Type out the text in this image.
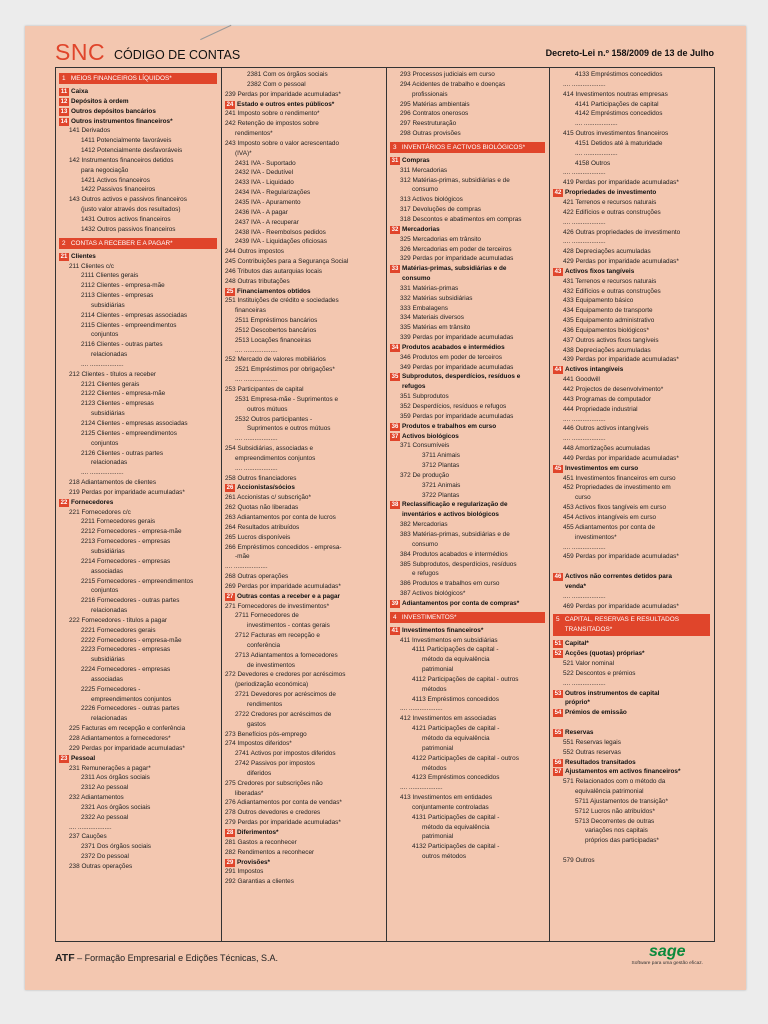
SNC CÓDIGO DE CONTAS	Decreto-Lei n.º 158/2009 de 13 de Julho
1   MEIOS FINANCEIROS LÍQUIDOS*
11 Caixa
12 Depósitos à ordem
13 Outros depósitos bancários
14 Outros instrumentos financeiros*
141 Derivados
1411 Potencialmente favoráveis
1412 Potencialmente desfavoráveis
142 Instrumentos financeiros detidos
para negociação
1421 Activos financeiros
1422 Passivos financeiros
143 Outros activos e passivos financeiros
(justo valor através dos resultados)
1431 Outros activos financeiros
1432 Outros passivos financeiros
2   CONTAS A RECEBER E A PAGAR*
21 Clientes
211 Clientes c/c
2111 Clientes gerais
2112 Clientes - empresa-mãe
2113 Clientes - empresas
subsidiárias
2114 Clientes - empresas associadas
2115 Clientes - empreendimentos
conjuntos
2116 Clientes - outras partes
relacionadas
.... ...................
212 Clientes - títulos a receber
2121 Clientes gerais
2122 Clientes - empresa-mãe
2123 Clientes - empresas
subsidiárias
2124 Clientes - empresas associadas
2125 Clientes - empreendimentos
conjuntos
2126 Clientes - outras partes
relacionadas
.... ...................
218 Adiantamentos de clientes
219 Perdas por imparidade acumuladas*
22 Fornecedores
221 Fornecedores c/c
2211 Fornecedores gerais
2212 Fornecedores - empresa-mãe
2213 Fornecedores - empresas
subsidiárias
2214 Fornecedores - empresas
associadas
2215 Fornecedores - empreendimentos
conjuntos
2216 Fornecedores - outras partes
relacionadas
222 Fornecedores - títulos a pagar
2221 Fornecedores gerais
2222 Fornecedores - empresa-mãe
2223 Fornecedores - empresas
subsidiárias
2224 Fornecedores - empresas
associadas
2225 Fornecedores -
empreendimentos conjuntos
2226 Fornecedores - outras partes
relacionadas
225 Facturas em recepção e conferência
228 Adiantamentos a fornecedores*
229 Perdas por imparidade acumuladas*
23 Pessoal
231 Remunerações a pagar*
2311 Aos órgãos sociais
2312 Ao pessoal
232 Adiantamentos
2321 Aos órgãos sociais
2322 Ao pessoal
.... ...................
237 Cauções
2371 Dos órgãos sociais
2372 Do pessoal
238 Outras operações
2381 Com os órgãos sociais
2382 Com o pessoal
239 Perdas por imparidade acumuladas*
24 Estado e outros entes públicos*
241 Imposto sobre o rendimento*
242 Retenção de impostos sobre
rendimentos*
243 Imposto sobre o valor acrescentado
(IVA)*
2431 IVA - Suportado
2432 IVA - Dedutível
2433 IVA - Liquidado
2434 IVA - Regularizações
2435 IVA - Apuramento
2436 IVA - A pagar
2437 IVA - A recuperar
2438 IVA - Reembolsos pedidos
2439 IVA - Liquidações oficiosas
244 Outros impostos
245 Contribuições para a Segurança Social
246 Tributos das autarquias locais
248 Outras tributações
25 Financiamentos obtidos
251 Instituições de crédito e sociedades
financeiras
2511 Empréstimos bancários
2512 Descobertos bancários
2513 Locações financeiras
.... ...................
252 Mercado de valores mobiliários
2521 Empréstimos por obrigações*
.... ...................
253 Participantes de capital
2531 Empresa-mãe - Suprimentos e
outros mútuos
2532 Outros participantes -
Suprimentos e outros mútuos
.... ...................
254 Subsidiárias, associadas e
empreendimentos conjuntos
.... ...................
258 Outros financiadores
26 Accionistas/sócios
261 Accionistas c/ subscrição*
262 Quotas não liberadas
263 Adiantamentos por conta de lucros
264 Resultados atribuídos
265 Lucros disponíveis
266 Empréstimos concedidos - empresa-
-mãe
.... ...................
268 Outras operações
269 Perdas por imparidade acumuladas*
27 Outras contas a receber e a pagar
271 Fornecedores de investimentos*
2711 Fornecedores de
investimentos - contas gerais
2712 Facturas em recepção e
conferência
2713 Adiantamentos a fornecedores
de investimentos
272 Devedores e credores por acréscimos
(periodização económica)
2721 Devedores por acréscimos de
rendimentos
2722 Credores por acréscimos de
gastos
273 Benefícios pós-emprego
274 Impostos diferidos*
2741 Activos por impostos diferidos
2742 Passivos por impostos
diferidos
275 Credores por subscrições não
liberadas*
276 Adiantamentos por conta de vendas*
278 Outros devedores e credores
279 Perdas por imparidade acumuladas*
28 Diferimentos*
281 Gastos a reconhecer
282 Rendimentos a reconhecer
29 Provisões*
291 Impostos
292 Garantias a clientes
293 Processos judiciais em curso
294 Acidentes de trabalho e doenças
profissionais
295 Matérias ambientais
296 Contratos onerosos
297 Reestruturação
298 Outras provisões
3   INVENTÁRIOS E ACTIVOS BIOLÓGICOS*
31 Compras
311 Mercadorias
312 Matérias-primas, subsidiárias e de
consumo
313 Activos biológicos
317 Devoluções de compras
318 Descontos e abatimentos em compras
32 Mercadorias
325 Mercadorias em trânsito
326 Mercadorias em poder de terceiros
329 Perdas por imparidade acumuladas
33 Matérias-primas, subsidiárias e de
consumo
331 Matérias-primas
332 Matérias subsidiárias
333 Embalagens
334 Materiais diversos
335 Matérias em trânsito
339 Perdas por imparidade acumuladas
34 Produtos acabados e intermédios
346 Produtos em poder de terceiros
349 Perdas por imparidade acumuladas
35 Subprodutos, desperdícios, resíduos e
refugos
351 Subprodutos
352 Desperdícios, resíduos e refugos
359 Perdas por imparidade acumuladas
36 Produtos e trabalhos em curso
37 Activos biológicos
371 Consumíveis
3711 Animais
3712 Plantas
372 De produção
3721 Animais
3722 Plantas
38 Reclassificação e regularização de
inventários e activos biológicos
382 Mercadorias
383 Matérias-primas, subsidiárias e de
consumo
384 Produtos acabados e intermédios
385 Subprodutos, desperdícios, resíduos
e refugos
386 Produtos e trabalhos em curso
387 Activos biológicos*
39 Adiantamentos por conta de compras*
4   INVESTIMENTOS*
41 Investimentos financeiros*
411 Investimentos em subsidiárias
4111 Participações de capital -
método da equivalência
patrimonial
4112 Participações de capital - outros
métodos
4113 Empréstimos concedidos
.... ...................
412 Investimentos em associadas
4121 Participações de capital -
método da equivalência
patrimonial
4122 Participações de capital - outros
métodos
4123 Empréstimos concedidos
.... ...................
413 Investimentos em entidades
conjuntamente controladas
4131 Participações de capital -
método da equivalência
patrimonial
4132 Participações de capital -
outros métodos
4133 Empréstimos concedidos
.... ...................
414 Investimentos noutras empresas
4141 Participações de capital
4142 Empréstimos concedidos
.... ...................
415 Outros investimentos financeiros
4151 Detidos até à maturidade
.... ...................
4158 Outros
.... ...................
419 Perdas por imparidade acumuladas*
42 Propriedades de investimento
421 Terrenos e recursos naturais
422 Edifícios e outras construções
.... ...................
426 Outras propriedades de investimento
.... ...................
428 Depreciações acumuladas
429 Perdas por imparidade acumuladas*
43 Activos fixos tangíveis
431 Terrenos e recursos naturais
432 Edifícios e outras construções
433 Equipamento básico
434 Equipamento de transporte
435 Equipamento administrativo
436 Equipamentos biológicos*
437 Outros activos fixos tangíveis
438 Depreciações acumuladas
439 Perdas por imparidade acumuladas*
44 Activos intangíveis
441 Goodwill
442 Projectos de desenvolvimento*
443 Programas de computador
444 Propriedade industrial
.... ...................
446 Outros activos intangíveis
.... ...................
448 Amortizações acumuladas
449 Perdas por imparidade acumuladas*
45 Investimentos em curso
451 Investimentos financeiros em curso
452 Propriedades de investimento em
curso
453 Activos fixos tangíveis em curso
454 Activos intangíveis em curso
455 Adiantamentos por conta de
investimentos*
.... ...................
459 Perdas por imparidade acumuladas*
46 Activos não correntes detidos para
venda*
.... ...................
469 Perdas por imparidade acumuladas*
5   CAPITAL, RESERVAS E RESULTADOS
TRANSITADOS*
51 Capital*
52 Acções (quotas) próprias*
521 Valor nominal
522 Descontos e prémios
.... ...................
53 Outros instrumentos de capital
próprio*
54 Prémios de emissão
55 Reservas
551 Reservas legais
552 Outras reservas
56 Resultados transitados
57 Ajustamentos em activos financeiros*
571 Relacionados com o método da
equivalência patrimonial
5711 Ajustamentos de transição*
5712 Lucros não atribuídos*
5713 Decorrentes de outras
variações nos capitais
próprios das participadas*
579 Outros
ATF – Formação Empresarial e Edições Técnicas, S.A.	sage
Software para uma gestão eficaz.
